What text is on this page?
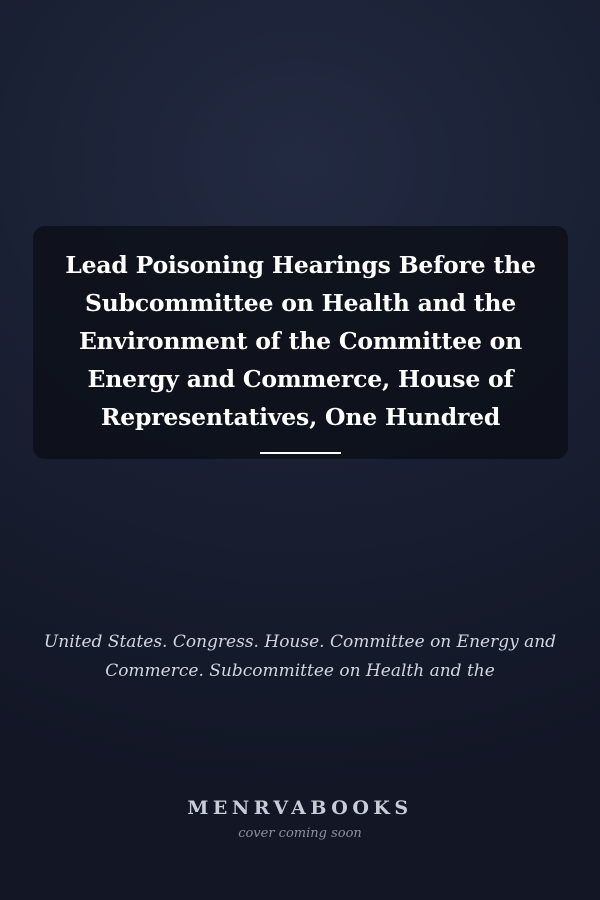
Lead Poisoning Hearings Before the Subcommittee on Health and the Environment of the Committee on Energy and Commerce, House of Representatives, One Hundred

United States. Congress. House. Committee on Energy and Commerce. Subcommittee on Health and the

MENRVABOOKS

cover coming soon
